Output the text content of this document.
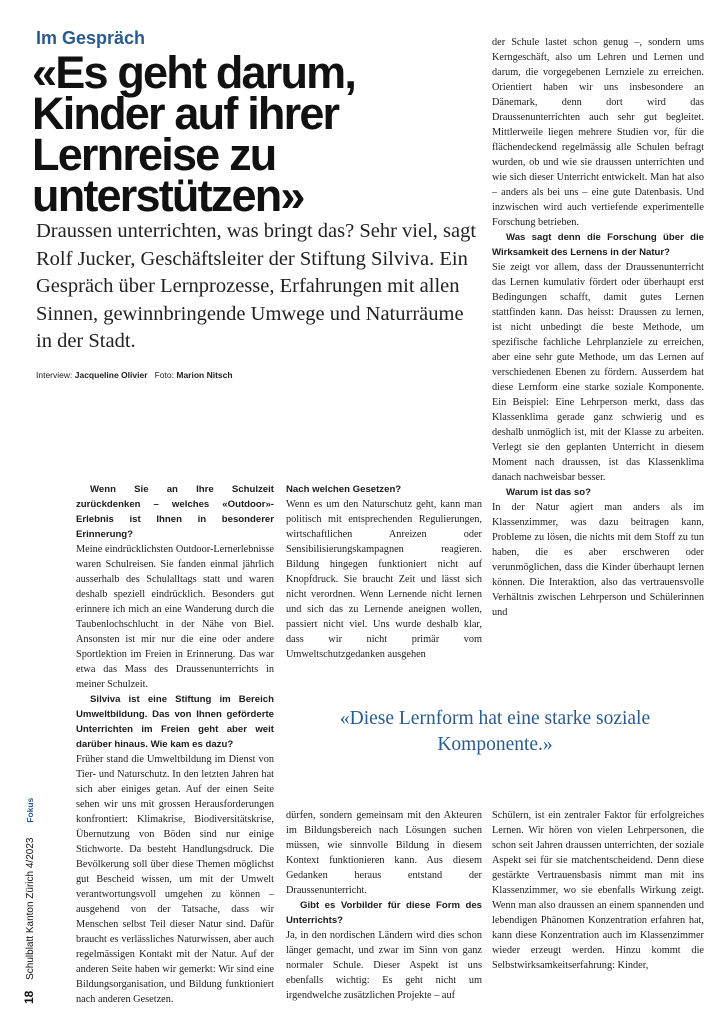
Im Gespräch
«Es geht darum, Kinder auf ihrer Lernreise zu unterstützen»
Draussen unterrichten, was bringt das? Sehr viel, sagt Rolf Jucker, Geschäftsleiter der Stiftung Silviva. Ein Gespräch über Lernprozesse, Erfahrungen mit allen Sinnen, gewinnbringende Umwege und Naturräume in der Stadt.
Interview: Jacqueline Olivier Foto: Marion Nitsch

der Schule lastet schon genug –, sondern ums Kerngeschäft, also um Lehren und Lernen und darum, die vorgegebenen Lernziele zu erreichen. Orientiert haben wir uns insbesondere an Dänemark, denn dort wird das Draussenunterrichten auch sehr gut begleitet. Mittlerweile liegen mehrere Studien vor, für die flächendeckend regelmässig alle Schulen befragt wurden, ob und wie sie draussen unterrichten und wie sich dieser Unterricht entwickelt. Man hat also – anders als bei uns – eine gute Datenbasis. Und inzwischen wird auch vertiefende experimentelle Forschung betrieben.

Was sagt denn die Forschung über die Wirksamkeit des Lernens in der Natur?

Sie zeigt vor allem, dass der Draussenunterricht das Lernen kumulativ fördert oder überhaupt erst Bedingungen schafft, damit gutes Lernen stattfinden kann. Das heisst: Draussen zu lernen, ist nicht unbedingt die beste Methode, um spezifische fachliche Lehrplanziele zu erreichen, aber eine sehr gute Methode, um das Lernen auf verschiedenen Ebenen zu fördern. Ausserdem hat diese Lernform eine starke soziale Komponente. Ein Beispiel: Eine Lehrperson merkt, dass das Klassenklima gerade ganz schwierig und es deshalb unmöglich ist, mit der Klasse zu arbeiten. Verlegt sie den geplanten Unterricht in diesem Moment nach draussen, ist das Klassenklima danach nachweisbar besser.

Warum ist das so?

In der Natur agiert man anders als im Klassenzimmer, was dazu beitragen kann, Probleme zu lösen, die nichts mit dem Stoff zu tun haben, die es aber erschweren oder verunmöglichen, dass die Kinder überhaupt lernen können. Die Interaktion, also das vertrauensvolle Verhältnis zwischen Lehrperson und Schülerinnen und

Wenn Sie an Ihre Schulzeit zurückdenken – welches «Outdoor»-Erlebnis ist Ihnen in besonderer Erinnerung?

Meine eindrücklichsten Outdoor-Lernerlebnisse waren Schulreisen. Sie fanden einmal jährlich ausserhalb des Schulalltags statt und waren deshalb speziell eindrücklich. Besonders gut erinnere ich mich an eine Wanderung durch die Taubenlochschlucht in der Nähe von Biel. Ansonsten ist mir nur die eine oder andere Sportlektion im Freien in Erinnerung. Das war etwa das Mass des Draussenunterrichts in meiner Schulzeit.

Silviva ist eine Stiftung im Bereich Umweltbildung. Das von Ihnen geförderte Unterrichten im Freien geht aber weit darüber hinaus. Wie kam es dazu?

Früher stand die Umweltbildung im Dienst von Tier- und Naturschutz. In den letzten Jahren hat sich aber einiges getan. Auf der einen Seite sehen wir uns mit grossen Herausforderungen konfrontiert: Klimakrise, Biodiversitätskrise, Übernutzung von Böden sind nur einige Stichworte. Da besteht Handlungsdruck. Die Bevölkerung soll über diese Themen möglichst gut Bescheid wissen, um mit der Umwelt verantwortungsvoll umgehen zu können – ausgehend von der Tatsache, dass wir Menschen selbst Teil dieser Natur sind. Dafür braucht es verlässliches Naturwissen, aber auch regelmässigen Kontakt mit der Natur. Auf der anderen Seite haben wir gemerkt: Wir sind eine Bildungsorganisation, und Bildung funktioniert nach anderen Gesetzen.

Nach welchen Gesetzen?

Wenn es um den Naturschutz geht, kann man politisch mit entsprechenden Regulierungen, wirtschaftlichen Anreizen oder Sensibilisierungskampagnen reagieren. Bildung hingegen funktioniert nicht auf Knopfdruck. Sie braucht Zeit und lässt sich nicht verordnen. Wenn Lernende nicht lernen und sich das zu Lernende aneignen wollen, passiert nicht viel. Uns wurde deshalb klar, dass wir nicht primär vom Umweltschutzgedanken ausgehen

«Diese Lernform hat eine starke soziale Komponente.»

dürfen, sondern gemeinsam mit den Akteuren im Bildungsbereich nach Lösungen suchen müssen, wie sinnvolle Bildung in diesem Kontext funktionieren kann. Aus diesem Gedanken heraus entstand der Draussenunterricht.

Gibt es Vorbilder für diese Form des Unterrichts?

Ja, in den nordischen Ländern wird dies schon länger gemacht, und zwar im Sinn von ganz normaler Schule. Dieser Aspekt ist uns ebenfalls wichtig: Es geht nicht um irgendwelche zusätzlichen Projekte – auf

Schülern, ist ein zentraler Faktor für erfolgreiches Lernen. Wir hören von vielen Lehrpersonen, die schon seit Jahren draussen unterrichten, der soziale Aspekt sei für sie matchentscheidend. Denn diese gestärkte Vertrauensbasis nimmt man mit ins Klassenzimmer, wo sie ebenfalls Wirkung zeigt. Wenn man also draussen an einem spannenden und lebendigen Phänomen Konzentration erfahren hat, kann diese Konzentration auch im Klassenzimmer wieder erzeugt werden. Hinzu kommt die Selbstwirksamkeitserfahrung: Kinder,

18 Schulblatt Kanton Zürich 4/2023 Fokus
